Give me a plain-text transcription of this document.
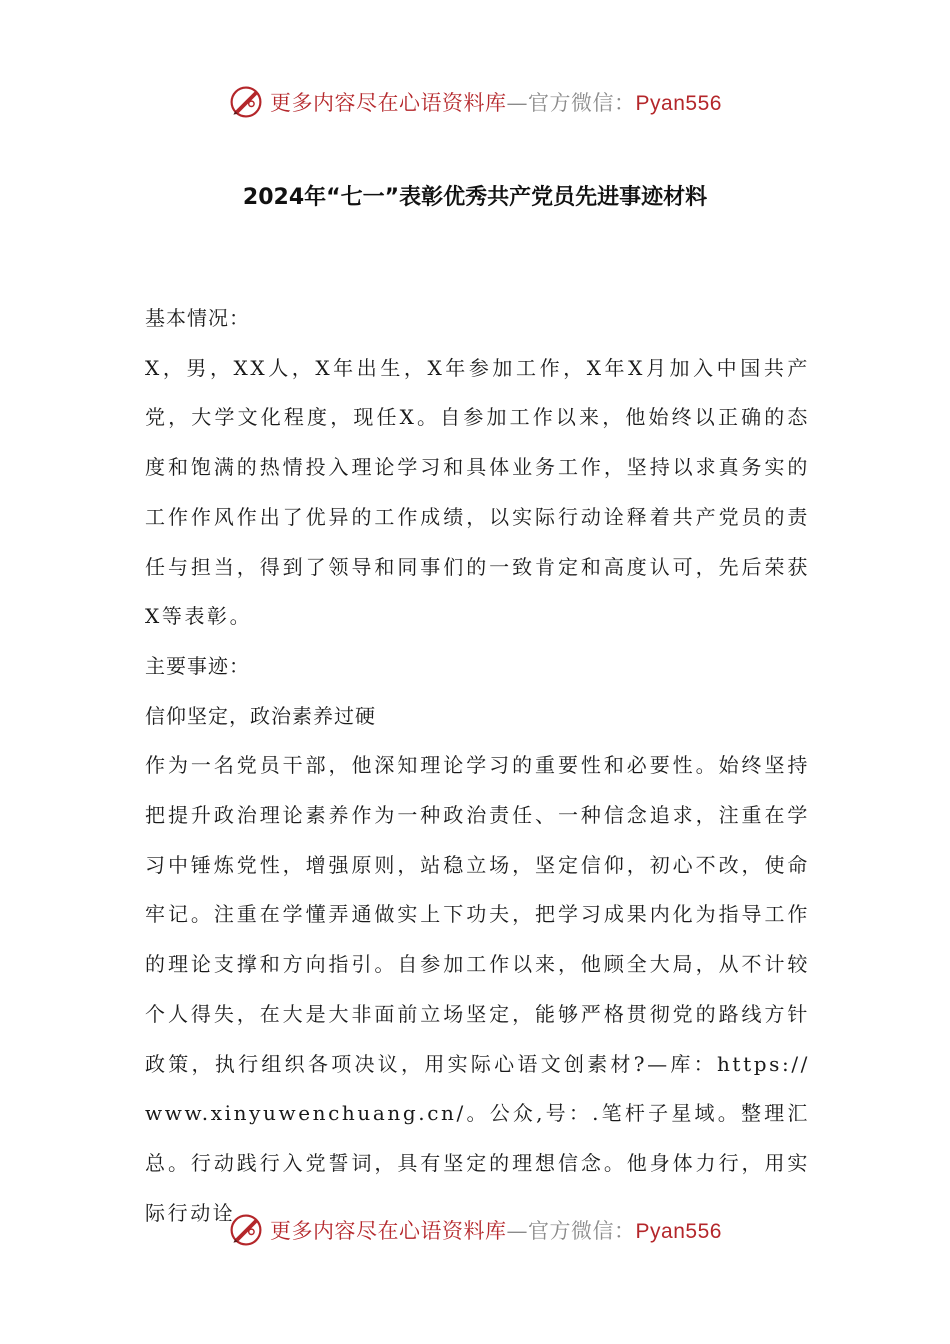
更多内容尽在心语资料库—官方微信：Pyan556
2024年“七一”表彰优秀共产党员先进事迹材料

基本情况：

X，男，XX人，X年出生，X年参加工作，X年X月加入中国共产党，大学文化程度，现任X。自参加工作以来，他始终以正确的态度和饱满的热情投入理论学习和具体业务工作，坚持以求真务实的工作作风作出了优异的工作成绩，以实际行动诠释着共产党员的责任与担当，得到了领导和同事们的一致肯定和高度认可，先后荣获X等表彰。

主要事迹：

信仰坚定，政治素养过硬

作为一名党员干部，他深知理论学习的重要性和必要性。始终坚持把提升政治理论素养作为一种政治责任、一种信念追求，注重在学习中锤炼党性，增强原则，站稳立场，坚定信仰，初心不改，使命牢记。注重在学懂弄通做实上下功夫，把学习成果内化为指导工作的理论支撑和方向指引。自参加工作以来，他顾全大局，从不计较个人得失，在大是大非面前立场坚定，能够严格贯彻党的路线方针政策，执行组织各项决议，用实际心语文创素材?—库：https://www.xinyuwenchuang.cn/。公众,号：.笔杆子星域。整理汇总。行动践行入党誓词，具有坚定的理想信念。他身体力行，用实际行动诠

更多内容尽在心语资料库—官方微信：Pyan556
